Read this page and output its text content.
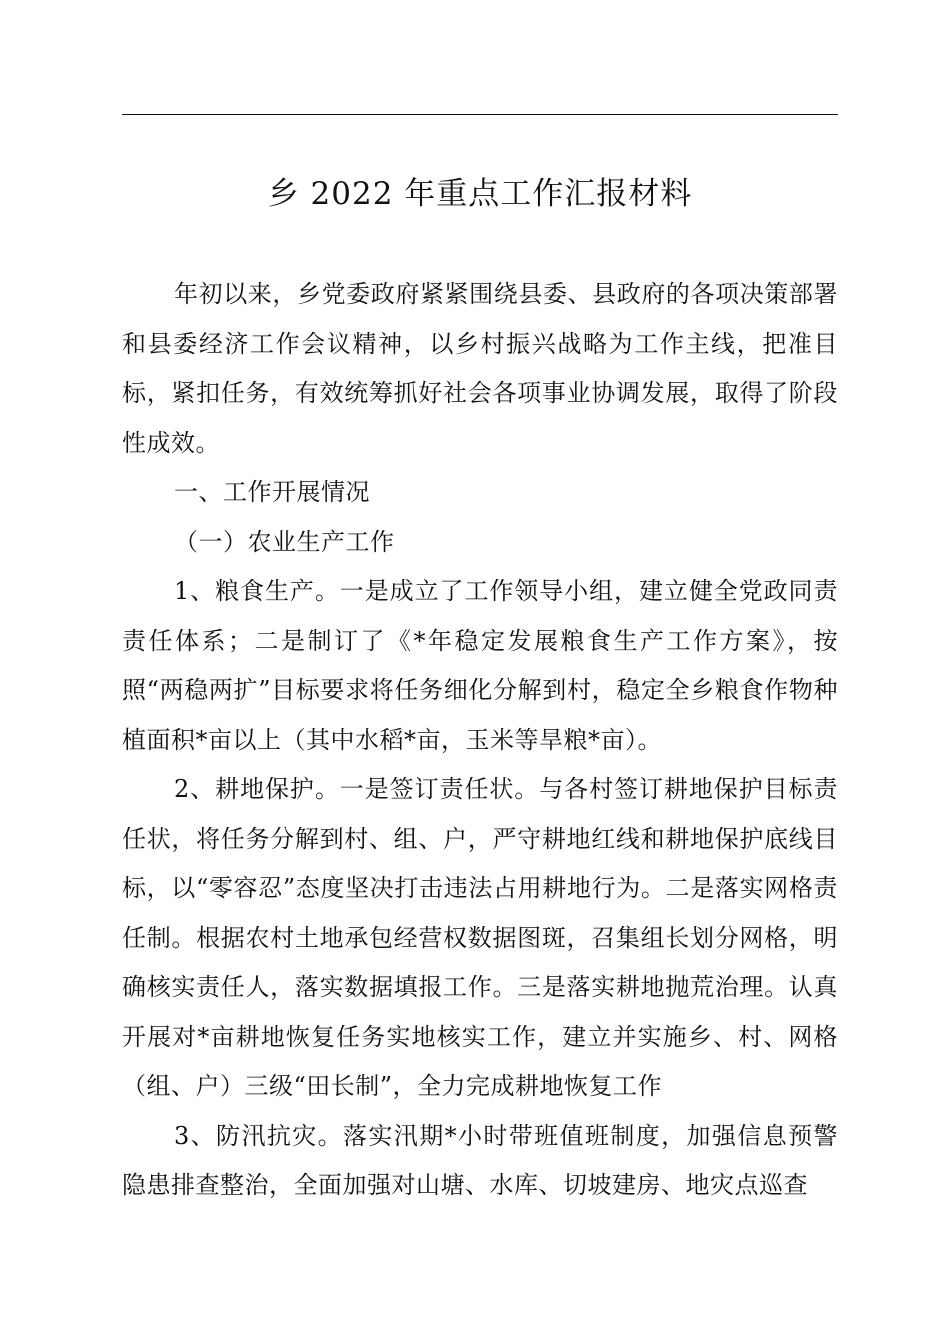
乡 2022 年重点工作汇报材料

年初以来，乡党委政府紧紧围绕县委、县政府的各项决策部署和县委经济工作会议精神，以乡村振兴战略为工作主线，把准目标，紧扣任务，有效统筹抓好社会各项事业协调发展，取得了阶段性成效。

一、工作开展情况

（一）农业生产工作

1、粮食生产。一是成立了工作领导小组，建立健全党政同责责任体系；二是制订了《*年稳定发展粮食生产工作方案》，按照“两稳两扩”目标要求将任务细化分解到村，稳定全乡粮食作物种植面积*亩以上（其中水稻*亩，玉米等旱粮*亩）。

2、耕地保护。一是签订责任状。与各村签订耕地保护目标责任状，将任务分解到村、组、户，严守耕地红线和耕地保护底线目标，以“零容忍”态度坚决打击违法占用耕地行为。二是落实网格责任制。根据农村土地承包经营权数据图斑，召集组长划分网格，明确核实责任人，落实数据填报工作。三是落实耕地抛荒治理。认真开展对*亩耕地恢复任务实地核实工作，建立并实施乡、村、网格（组、户）三级“田长制”，全力完成耕地恢复工作

3、防汛抗灾。落实汛期*小时带班值班制度，加强信息预警隐患排查整治，全面加强对山塘、水库、切坡建房、地灾点巡查
